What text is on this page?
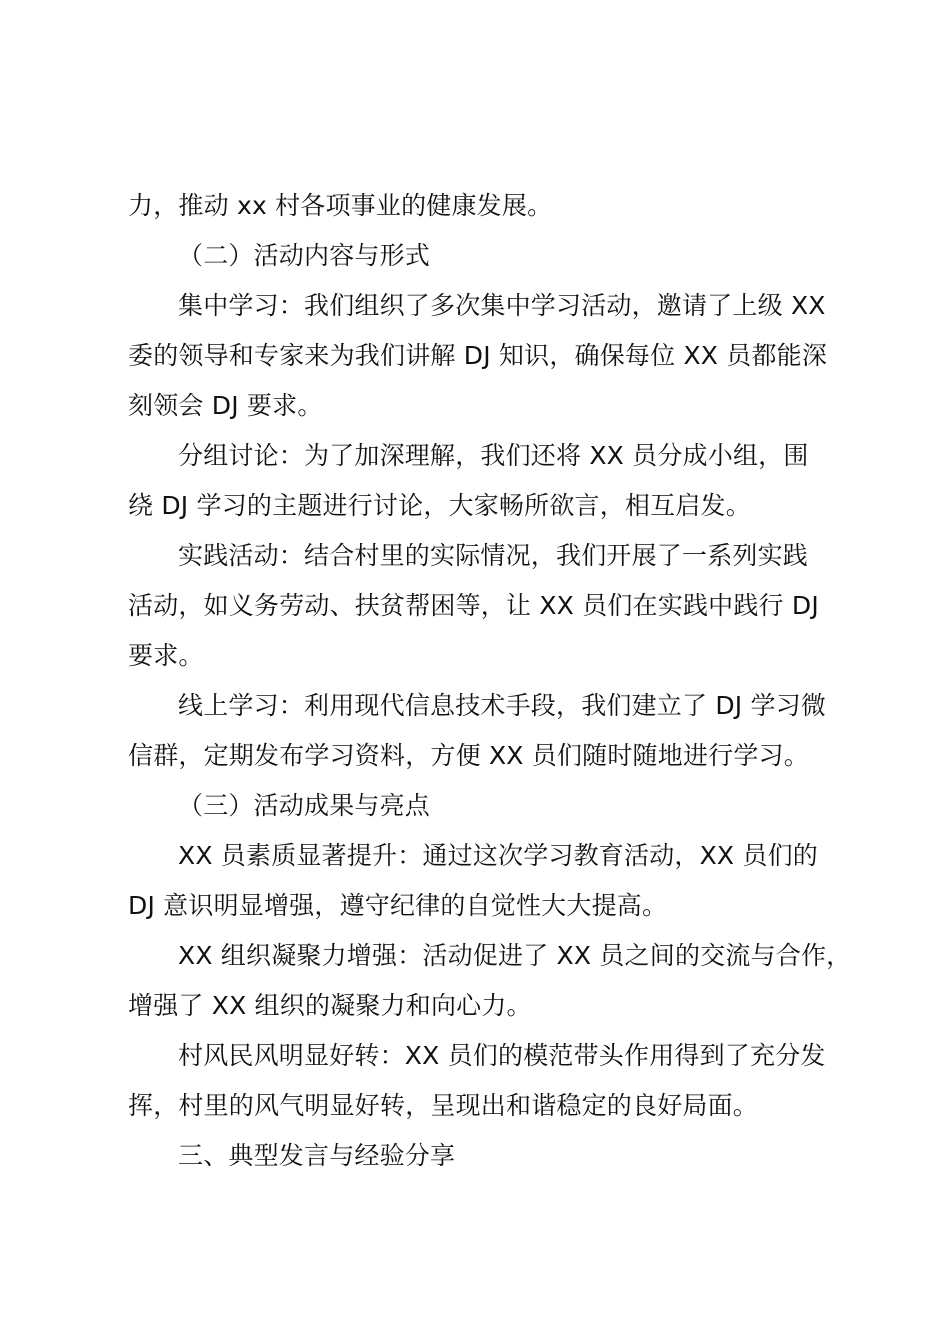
力，推动 xx 村各项事业的健康发展。
（二）活动内容与形式
集中学习：我们组织了多次集中学习活动，邀请了上级 XX
委的领导和专家来为我们讲解 DJ 知识，确保每位 XX 员都能深
刻领会 DJ 要求。
分组讨论：为了加深理解，我们还将 XX 员分成小组，围
绕 DJ 学习的主题进行讨论，大家畅所欲言，相互启发。
实践活动：结合村里的实际情况，我们开展了一系列实践
活动，如义务劳动、扶贫帮困等，让 XX 员们在实践中践行 DJ
要求。
线上学习：利用现代信息技术手段，我们建立了 DJ 学习微
信群，定期发布学习资料，方便 XX 员们随时随地进行学习。
（三）活动成果与亮点
XX 员素质显著提升：通过这次学习教育活动，XX 员们的
DJ 意识明显增强，遵守纪律的自觉性大大提高。
XX 组织凝聚力增强：活动促进了 XX 员之间的交流与合作，
增强了 XX 组织的凝聚力和向心力。
村风民风明显好转：XX 员们的模范带头作用得到了充分发
挥，村里的风气明显好转，呈现出和谐稳定的良好局面。
三、典型发言与经验分享
